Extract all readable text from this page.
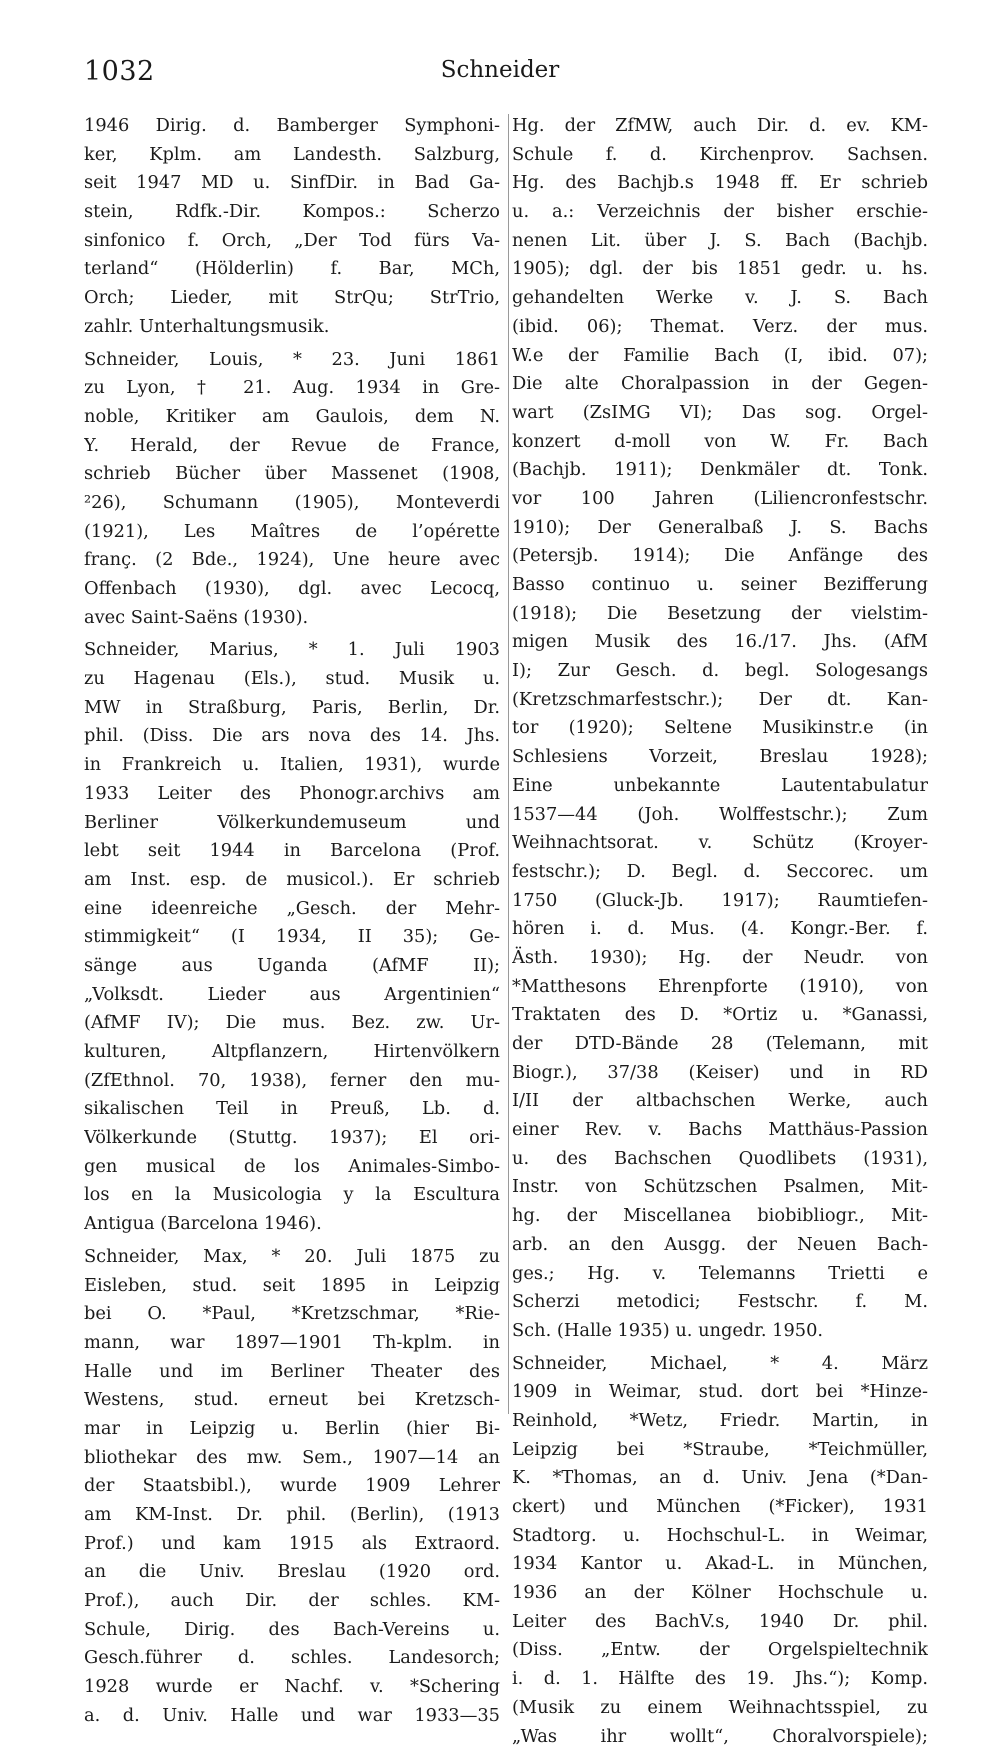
1032	Schneider
1946 Dirig. d. Bamberger Symphoni-
ker, Kplm. am Landesth. Salzburg,
seit 1947 MD u. SinfDir. in Bad Ga-
stein, Rdfk.-Dir. Kompos.: Scherzo
sinfonico f. Orch, „Der Tod fürs Va-
terland“ (Hölderlin) f. Bar, MCh,
Orch; Lieder, mit StrQu; StrTrio,
zahlr. Unterhaltungsmusik.
Schneider, Louis, * 23. Juni 1861
zu Lyon, † 21. Aug. 1934 in Gre-
noble, Kritiker am Gaulois, dem N.
Y. Herald, der Revue de France,
schrieb Bücher über Massenet (1908,
²26), Schumann (1905), Monteverdi
(1921), Les Maîtres de l’opérette
franç. (2 Bde., 1924), Une heure avec
Offenbach (1930), dgl. avec Lecocq,
avec Saint-Saëns (1930).
Schneider, Marius, * 1. Juli 1903
zu Hagenau (Els.), stud. Musik u.
MW in Straßburg, Paris, Berlin, Dr.
phil. (Diss. Die ars nova des 14. Jhs.
in Frankreich u. Italien, 1931), wurde
1933 Leiter des Phonogr.archivs am
Berliner Völkerkundemuseum und
lebt seit 1944 in Barcelona (Prof.
am Inst. esp. de musicol.). Er schrieb
eine ideenreiche „Gesch. der Mehr-
stimmigkeit“ (I 1934, II 35); Ge-
sänge aus Uganda (AfMF II);
„Volksdt. Lieder aus Argentinien“
(AfMF IV); Die mus. Bez. zw. Ur-
kulturen, Altpflanzern, Hirtenvölkern
(ZfEthnol. 70, 1938), ferner den mu-
sikalischen Teil in Preuß, Lb. d.
Völkerkunde (Stuttg. 1937); El ori-
gen musical de los Animales-Simbo-
los en la Musicologia y la Escultura
Antigua (Barcelona 1946).
Schneider, Max, * 20. Juli 1875 zu
Eisleben, stud. seit 1895 in Leipzig
bei O. *Paul, *Kretzschmar, *Rie-
mann, war 1897—1901 Th-kplm. in
Halle und im Berliner Theater des
Westens, stud. erneut bei Kretzsch-
mar in Leipzig u. Berlin (hier Bi-
bliothekar des mw. Sem., 1907—14 an
der Staatsbibl.), wurde 1909 Lehrer
am KM-Inst. Dr. phil. (Berlin), (1913
Prof.) und kam 1915 als Extraord.
an die Univ. Breslau (1920 ord.
Prof.), auch Dir. der schles. KM-
Schule, Dirig. des Bach-Vereins u.
Gesch.führer d. schles. Landesorch;
1928 wurde er Nachf. v. *Schering
a. d. Univ. Halle und war 1933—35
Hg. der ZfMW, auch Dir. d. ev. KM-
Schule f. d. Kirchenprov. Sachsen.
Hg. des Bachjb.s 1948 ff. Er schrieb
u. a.: Verzeichnis der bisher erschie-
nenen Lit. über J. S. Bach (Bachjb.
1905); dgl. der bis 1851 gedr. u. hs.
gehandelten Werke v. J. S. Bach
(ibid. 06); Themat. Verz. der mus.
W.e der Familie Bach (I, ibid. 07);
Die alte Choralpassion in der Gegen-
wart (ZsIMG VI); Das sog. Orgel-
konzert d-moll von W. Fr. Bach
(Bachjb. 1911); Denkmäler dt. Tonk.
vor 100 Jahren (Liliencronfestschr.
1910); Der Generalbaß J. S. Bachs
(Petersjb. 1914); Die Anfänge des
Basso continuo u. seiner Bezifferung
(1918); Die Besetzung der vielstim-
migen Musik des 16./17. Jhs. (AfM
I); Zur Gesch. d. begl. Sologesangs
(Kretzschmarfestschr.); Der dt. Kan-
tor (1920); Seltene Musikinstr.e (in
Schlesiens Vorzeit, Breslau 1928);
Eine unbekannte Lautentabulatur
1537—44 (Joh. Wolffestschr.); Zum
Weihnachtsorat. v. Schütz (Kroyer-
festschr.); D. Begl. d. Seccorec. um
1750 (Gluck-Jb. 1917); Raumtiefen-
hören i. d. Mus. (4. Kongr.-Ber. f.
Ästh. 1930); Hg. der Neudr. von
*Matthesons Ehrenpforte (1910), von
Traktaten des D. *Ortiz u. *Ganassi,
der DTD-Bände 28 (Telemann, mit
Biogr.), 37/38 (Keiser) und in RD
I/II der altbachschen Werke, auch
einer Rev. v. Bachs Matthäus-Passion
u. des Bachschen Quodlibets (1931),
Instr. von Schützschen Psalmen, Mit-
hg. der Miscellanea biobibliogr., Mit-
arb. an den Ausgg. der Neuen Bach-
ges.; Hg. v. Telemanns Trietti e
Scherzi metodici; Festschr. f. M.
Sch. (Halle 1935) u. ungedr. 1950.
Schneider, Michael, * 4. März
1909 in Weimar, stud. dort bei *Hinze-
Reinhold, *Wetz, Friedr. Martin, in
Leipzig bei *Straube, *Teichmüller,
K. *Thomas, an d. Univ. Jena (*Dan-
ckert) und München (*Ficker), 1931
Stadtorg. u. Hochschul-L. in Weimar,
1934 Kantor u. Akad-L. in München,
1936 an der Kölner Hochschule u.
Leiter des BachV.s, 1940 Dr. phil.
(Diss. „Entw. der Orgelspieltechnik
i. d. 1. Hälfte des 19. Jhs.“); Komp.
(Musik zu einem Weihnachtsspiel, zu
„Was ihr wollt“, Choralvorspiele);
